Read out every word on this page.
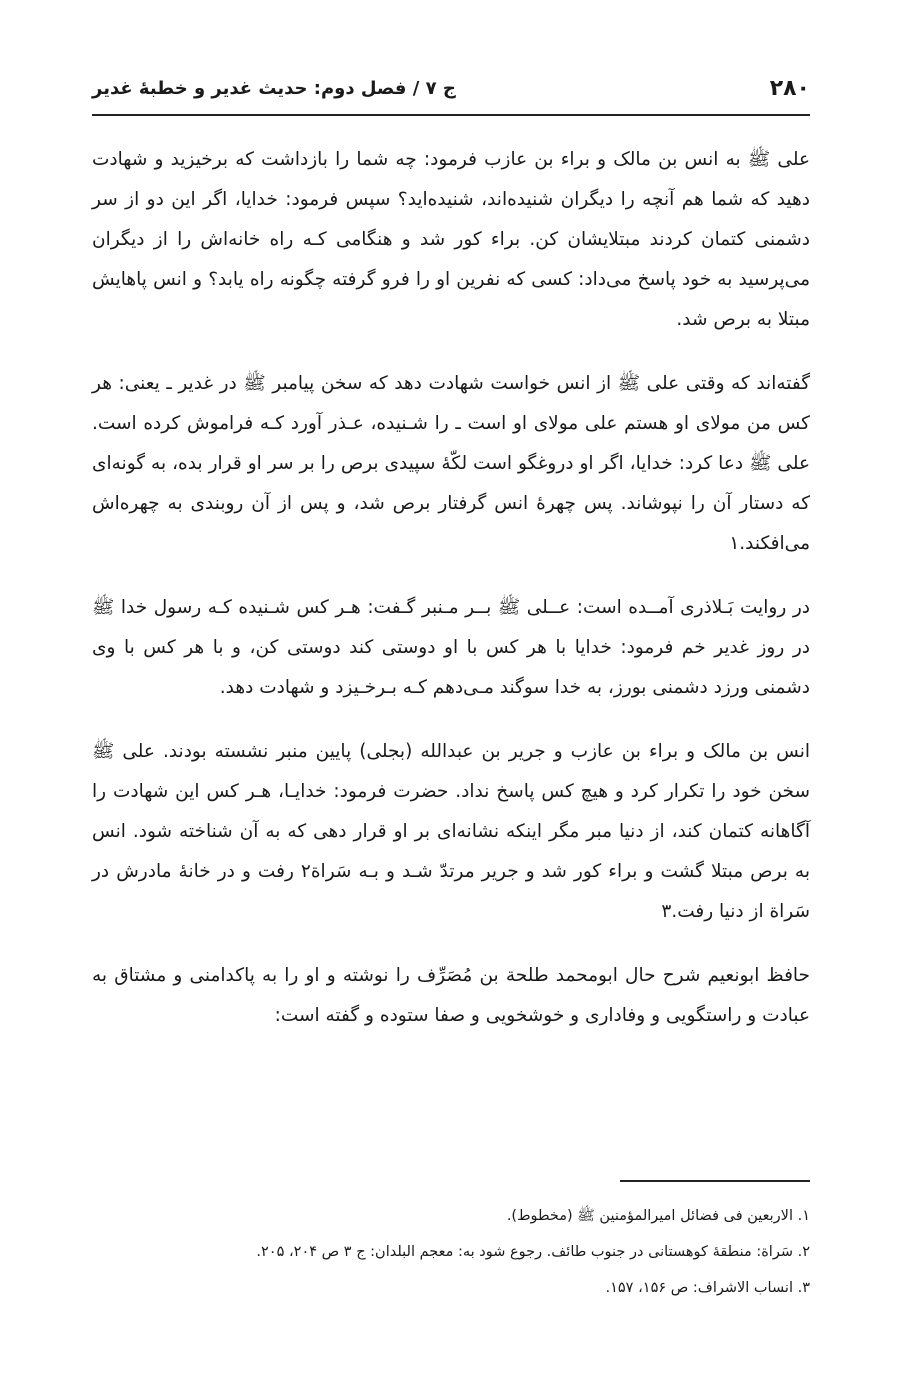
۲۸۰
ج ۷ / فصل دوم: حدیث غدیر و خطبهٔ غدیر

علی ﷺ به انس بن مالک و براء بن عازب فرمود: چه شما را بازداشت که برخیزید و شهادت دهید که شما هم آنچه را دیگران شنیده‌اند، شنیده‌اید؟ سپس فرمود: خدایا، اگر این دو از سر دشمنی کتمان کردند مبتلایشان کن. براء کور شد و هنگامی کـه راه خانه‌اش را از دیگران می‌پرسید به خود پاسخ می‌داد: کسی که نفرین او را فرو گرفته چگونه راه یابد؟ و انس پاهایش مبتلا به برص شد.

گفته‌اند که وقتی علی ﷺ از انس خواست شهادت دهد که سخن پیامبر ﷺ در غدیر ـ یعنی: هر کس من مولای او هستم علی مولای او است ـ را شـنیده، عـذر آورد کـه فراموش کرده است. علی ﷺ دعا کرد: خدایا، اگر او دروغگو است لکّهٔ سپیدی برص را بر سر او قرار بده، به گونه‌ای که دستار آن را نپوشاند. پس چهرهٔ انس گرفتار برص شد، و پس از آن روبندی به چهره‌اش می‌افکند.۱

در روایت بَـلاذری آمــده است: عــلی ﷺ بــر مـنبر گـفت: هـر کس شـنیده کـه رسول خدا ﷺ در روز غدیر خم فرمود: خدایا با هر کس با او دوستی کند دوستی کن، و با هر کس با وی دشمنی ورزد دشمنی بورز، به خدا سوگند مـی‌دهم کـه بـرخـیزد و شهادت دهد.

انس بن مالک و براء بن عازب و جریر بن عبدالله (بجلی) پایین منبر نشسته بودند. علی ﷺ سخن خود را تکرار کرد و هیچ کس پاسخ نداد. حضرت فرمود: خدایـا، هـر کس این شهادت را آگاهانه کتمان کند، از دنیا مبر مگر اینکه نشانه‌ای بر او قرار دهی که به آن شناخته شود. انس به برص مبتلا گشت و براء کور شد و جریر مرتدّ شـد و بـه سَراة۲ رفت و در خانهٔ مادرش در سَراة از دنیا رفت.۳

حافظ ابونعیم شرح حال ابومحمد طلحة بن مُصَرِّف را نوشته و او را به پاکدامنی و مشتاق به عبادت و راستگویی و وفاداری و خوشخویی و صفا ستوده و گفته است:

۱. الاربعین فی فضائل امیرالمؤمنین ﷺ (مخطوط).

۲. سَراة: منطقهٔ کوهستانی در جنوب طائف. رجوع شود به: معجم البلدان: ج ۳ ص ۲۰۴، ۲۰۵.

۳. انساب الاشراف: ص ۱۵۶، ۱۵۷.
